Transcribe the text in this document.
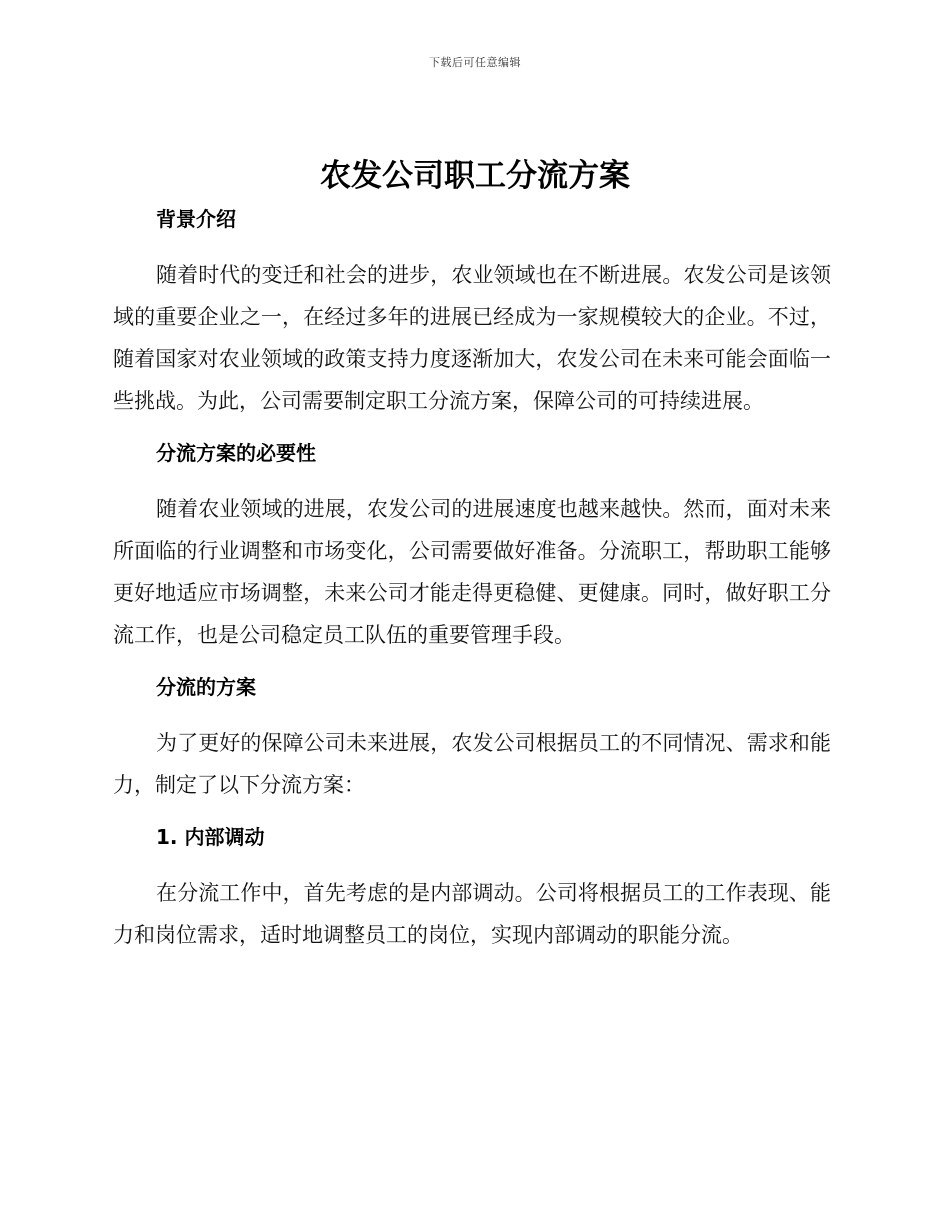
下载后可任意编辑
农发公司职工分流方案
背景介绍

随着时代的变迁和社会的进步，农业领域也在不断进展。农发公司是该领域的重要企业之一，在经过多年的进展已经成为一家规模较大的企业。不过，随着国家对农业领域的政策支持力度逐渐加大，农发公司在未来可能会面临一些挑战。为此，公司需要制定职工分流方案，保障公司的可持续进展。

分流方案的必要性

随着农业领域的进展，农发公司的进展速度也越来越快。然而，面对未来所面临的行业调整和市场变化，公司需要做好准备。分流职工，帮助职工能够更好地适应市场调整，未来公司才能走得更稳健、更健康。同时，做好职工分流工作，也是公司稳定员工队伍的重要管理手段。

分流的方案

为了更好的保障公司未来进展，农发公司根据员工的不同情况、需求和能力，制定了以下分流方案：

1. 内部调动

在分流工作中，首先考虑的是内部调动。公司将根据员工的工作表现、能力和岗位需求，适时地调整员工的岗位，实现内部调动的职能分流。
